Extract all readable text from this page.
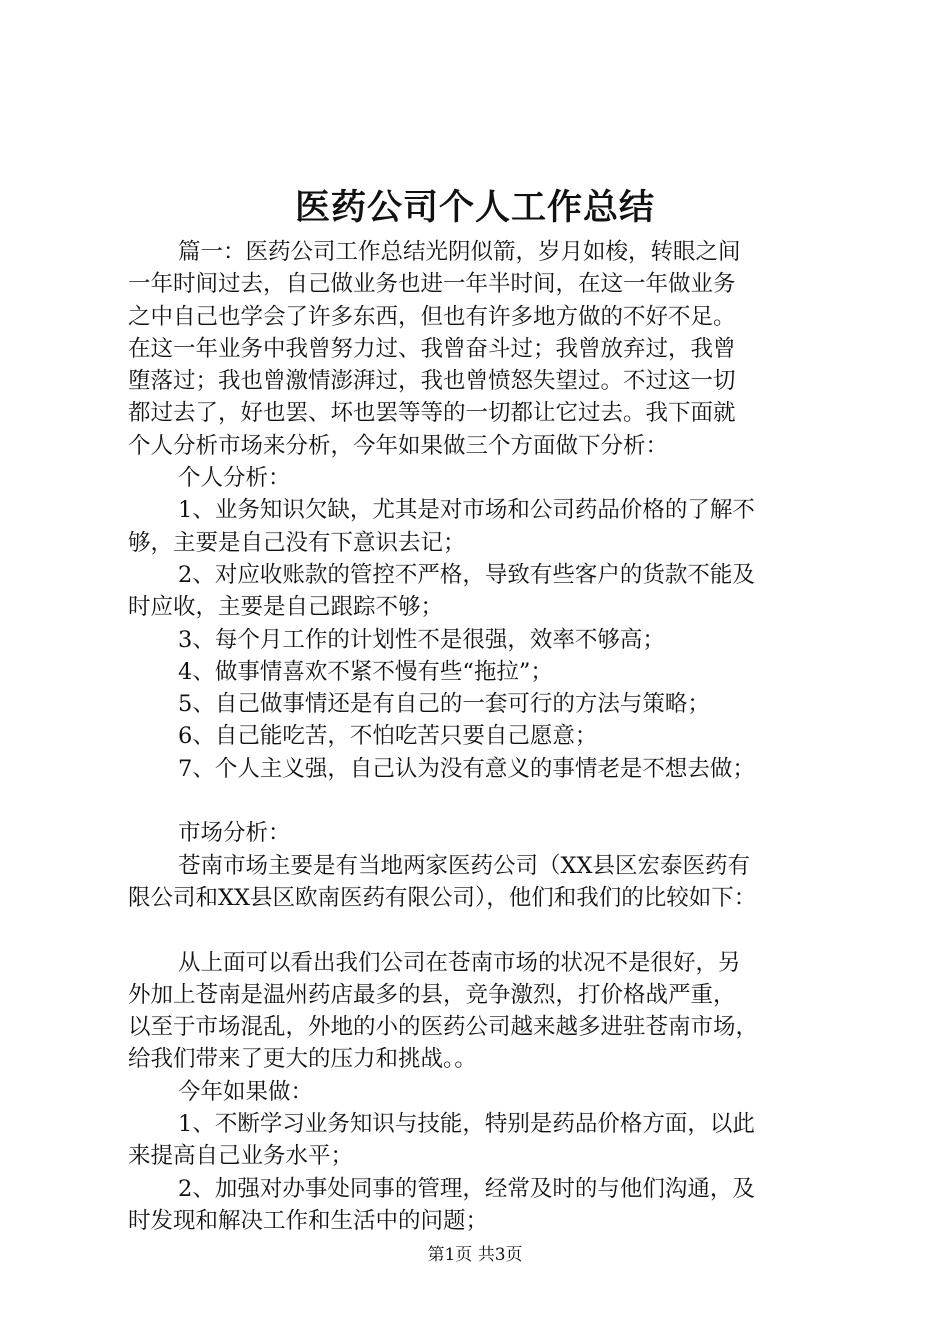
医药公司个人工作总结
篇一：医药公司工作总结光阴似箭，岁月如梭，转眼之间
一年时间过去，自己做业务也进一年半时间，在这一年做业务
之中自己也学会了许多东西，但也有许多地方做的不好不足。
在这一年业务中我曾努力过、我曾奋斗过；我曾放弃过，我曾
堕落过；我也曾激情澎湃过，我也曾愤怒失望过。不过这一切
都过去了，好也罢、坏也罢等等的一切都让它过去。我下面就
个人分析市场来分析，今年如果做三个方面做下分析：
个人分析：
1、业务知识欠缺，尤其是对市场和公司药品价格的了解不
够，主要是自己没有下意识去记；
2、对应收账款的管控不严格，导致有些客户的货款不能及
时应收，主要是自己跟踪不够；
3、每个月工作的计划性不是很强，效率不够高；
4、做事情喜欢不紧不慢有些“拖拉”；
5、自己做事情还是有自己的一套可行的方法与策略；
6、自己能吃苦，不怕吃苦只要自己愿意；
7、个人主义强，自己认为没有意义的事情老是不想去做；
市场分析：
苍南市场主要是有当地两家医药公司（XX县区宏泰医药有
限公司和XX县区欧南医药有限公司），他们和我们的比较如下：
从上面可以看出我们公司在苍南市场的状况不是很好，另
外加上苍南是温州药店最多的县，竞争激烈，打价格战严重，
以至于市场混乱，外地的小的医药公司越来越多进驻苍南市场，
给我们带来了更大的压力和挑战。。
今年如果做：
1、不断学习业务知识与技能，特别是药品价格方面，以此
来提高自己业务水平；
2、加强对办事处同事的管理，经常及时的与他们沟通，及
时发现和解决工作和生活中的问题；
第1页 共3页
